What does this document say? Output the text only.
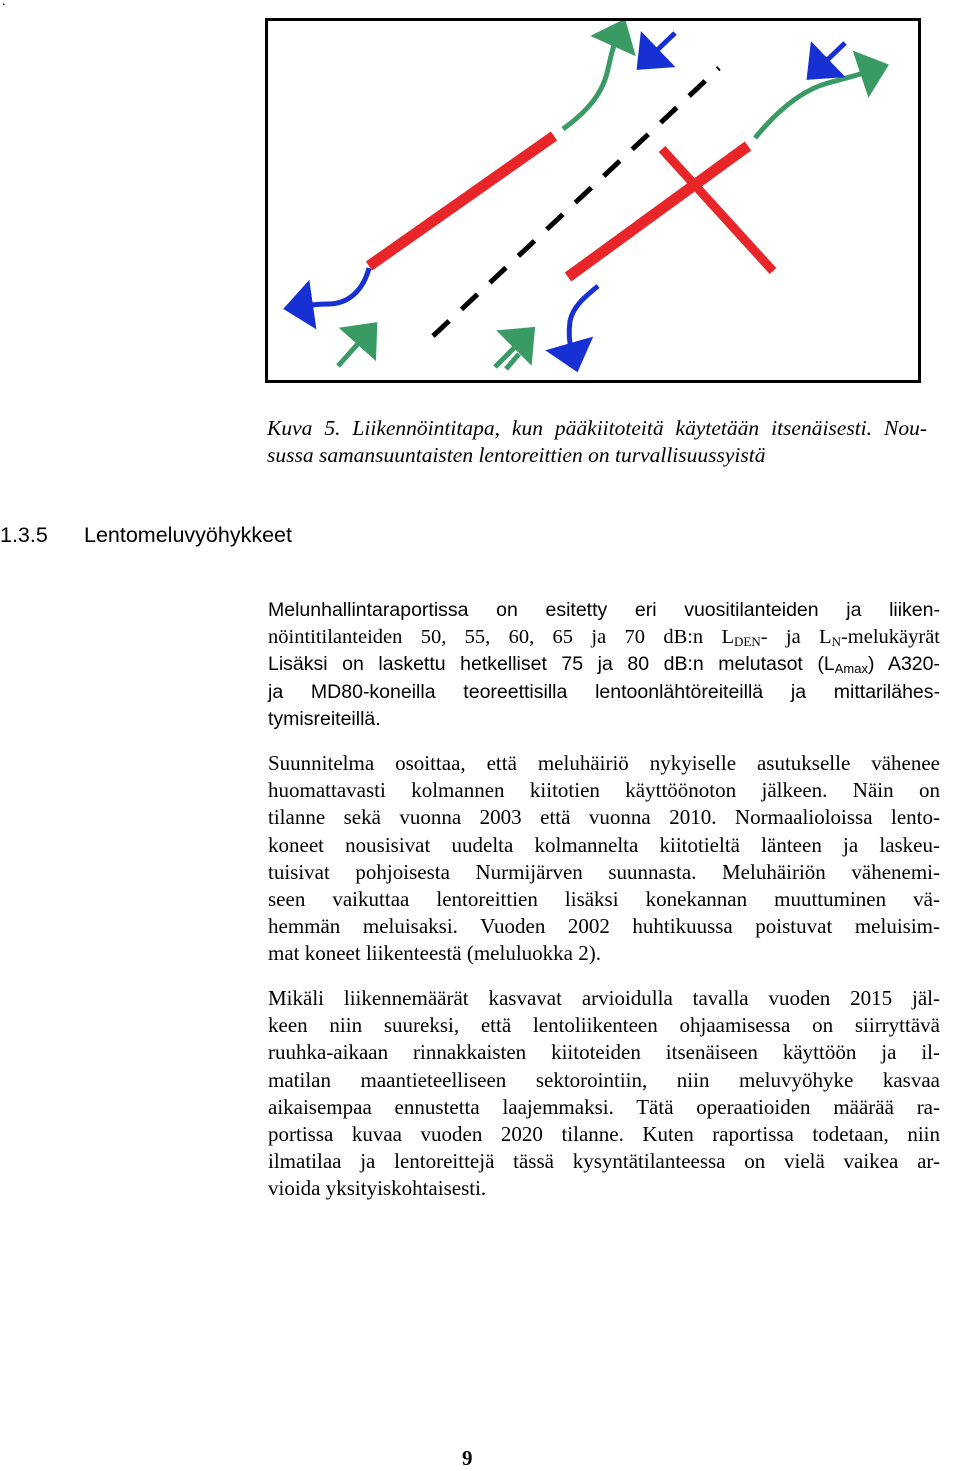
.
Kuva 5. Liikennöintitapa, kun pääkiitoteitä käytetään itsenäisesti. Nou-
sussa samansuuntaisten lentoreittien on turvallisuussyistä
1.3.5 Lentomeluvyöhykkeet
Melunhallintaraportissa on esitetty eri vuositilanteiden ja liiken-
nöintitilanteiden 50, 55, 60, 65 ja 70 dB:n $L_{DEN}-$ ja $L_N$-melukäyrät
Lisäksi on laskettu hetkelliset 75 ja 80 dB:n melutasot $(L_{Amax})$ A320-
ja MD80-koneilla teoreettisilla lentoonlähtöreiteillä ja mittarilähes-
tymisreiteillä.
Suunnitelma osoittaa, että meluhäiriö nykyiselle asutukselle vähenee
huomattavasti kolmannen kiitotien käyttöönoton jälkeen. Näin on
tilanne sekä vuonna 2003 että vuonna 2010. Normaalioloissa lento-
koneet nousisivat uudelta kolmannelta kiitotieltä länteen ja laskeu-
tuisivat pohjoisesta Nurmijärven suunnasta. Meluhäiriön vähenemi-
seen vaikuttaa lentoreittien lisäksi konekannan muuttuminen vä-
hemmän meluisaksi. Vuoden 2002 huhtikuussa poistuvat meluisim-
mat koneet liikenteestä (meluluokka 2).
Mikäli liikennemäärät kasvavat arvioidulla tavalla vuoden 2015 jäl-
keen niin suureksi, että lentoliikenteen ohjaamisessa on siirryttävä
ruuhka-aikaan rinnakkaisten kiitoteiden itsenäiseen käyttöön ja il-
matilan maantieteelliseen sektorointiin, niin meluvyöhyke kasvaa
aikaisempaa ennustetta laajemmaksi. Tätä operaatioiden määrää ra-
portissa kuvaa vuoden 2020 tilanne. Kuten raportissa todetaan, niin
ilmatilaa ja lentoreittejä tässä kysyntätilanteessa on vielä vaikea ar-
vioida yksityiskohtaisesti.
9
